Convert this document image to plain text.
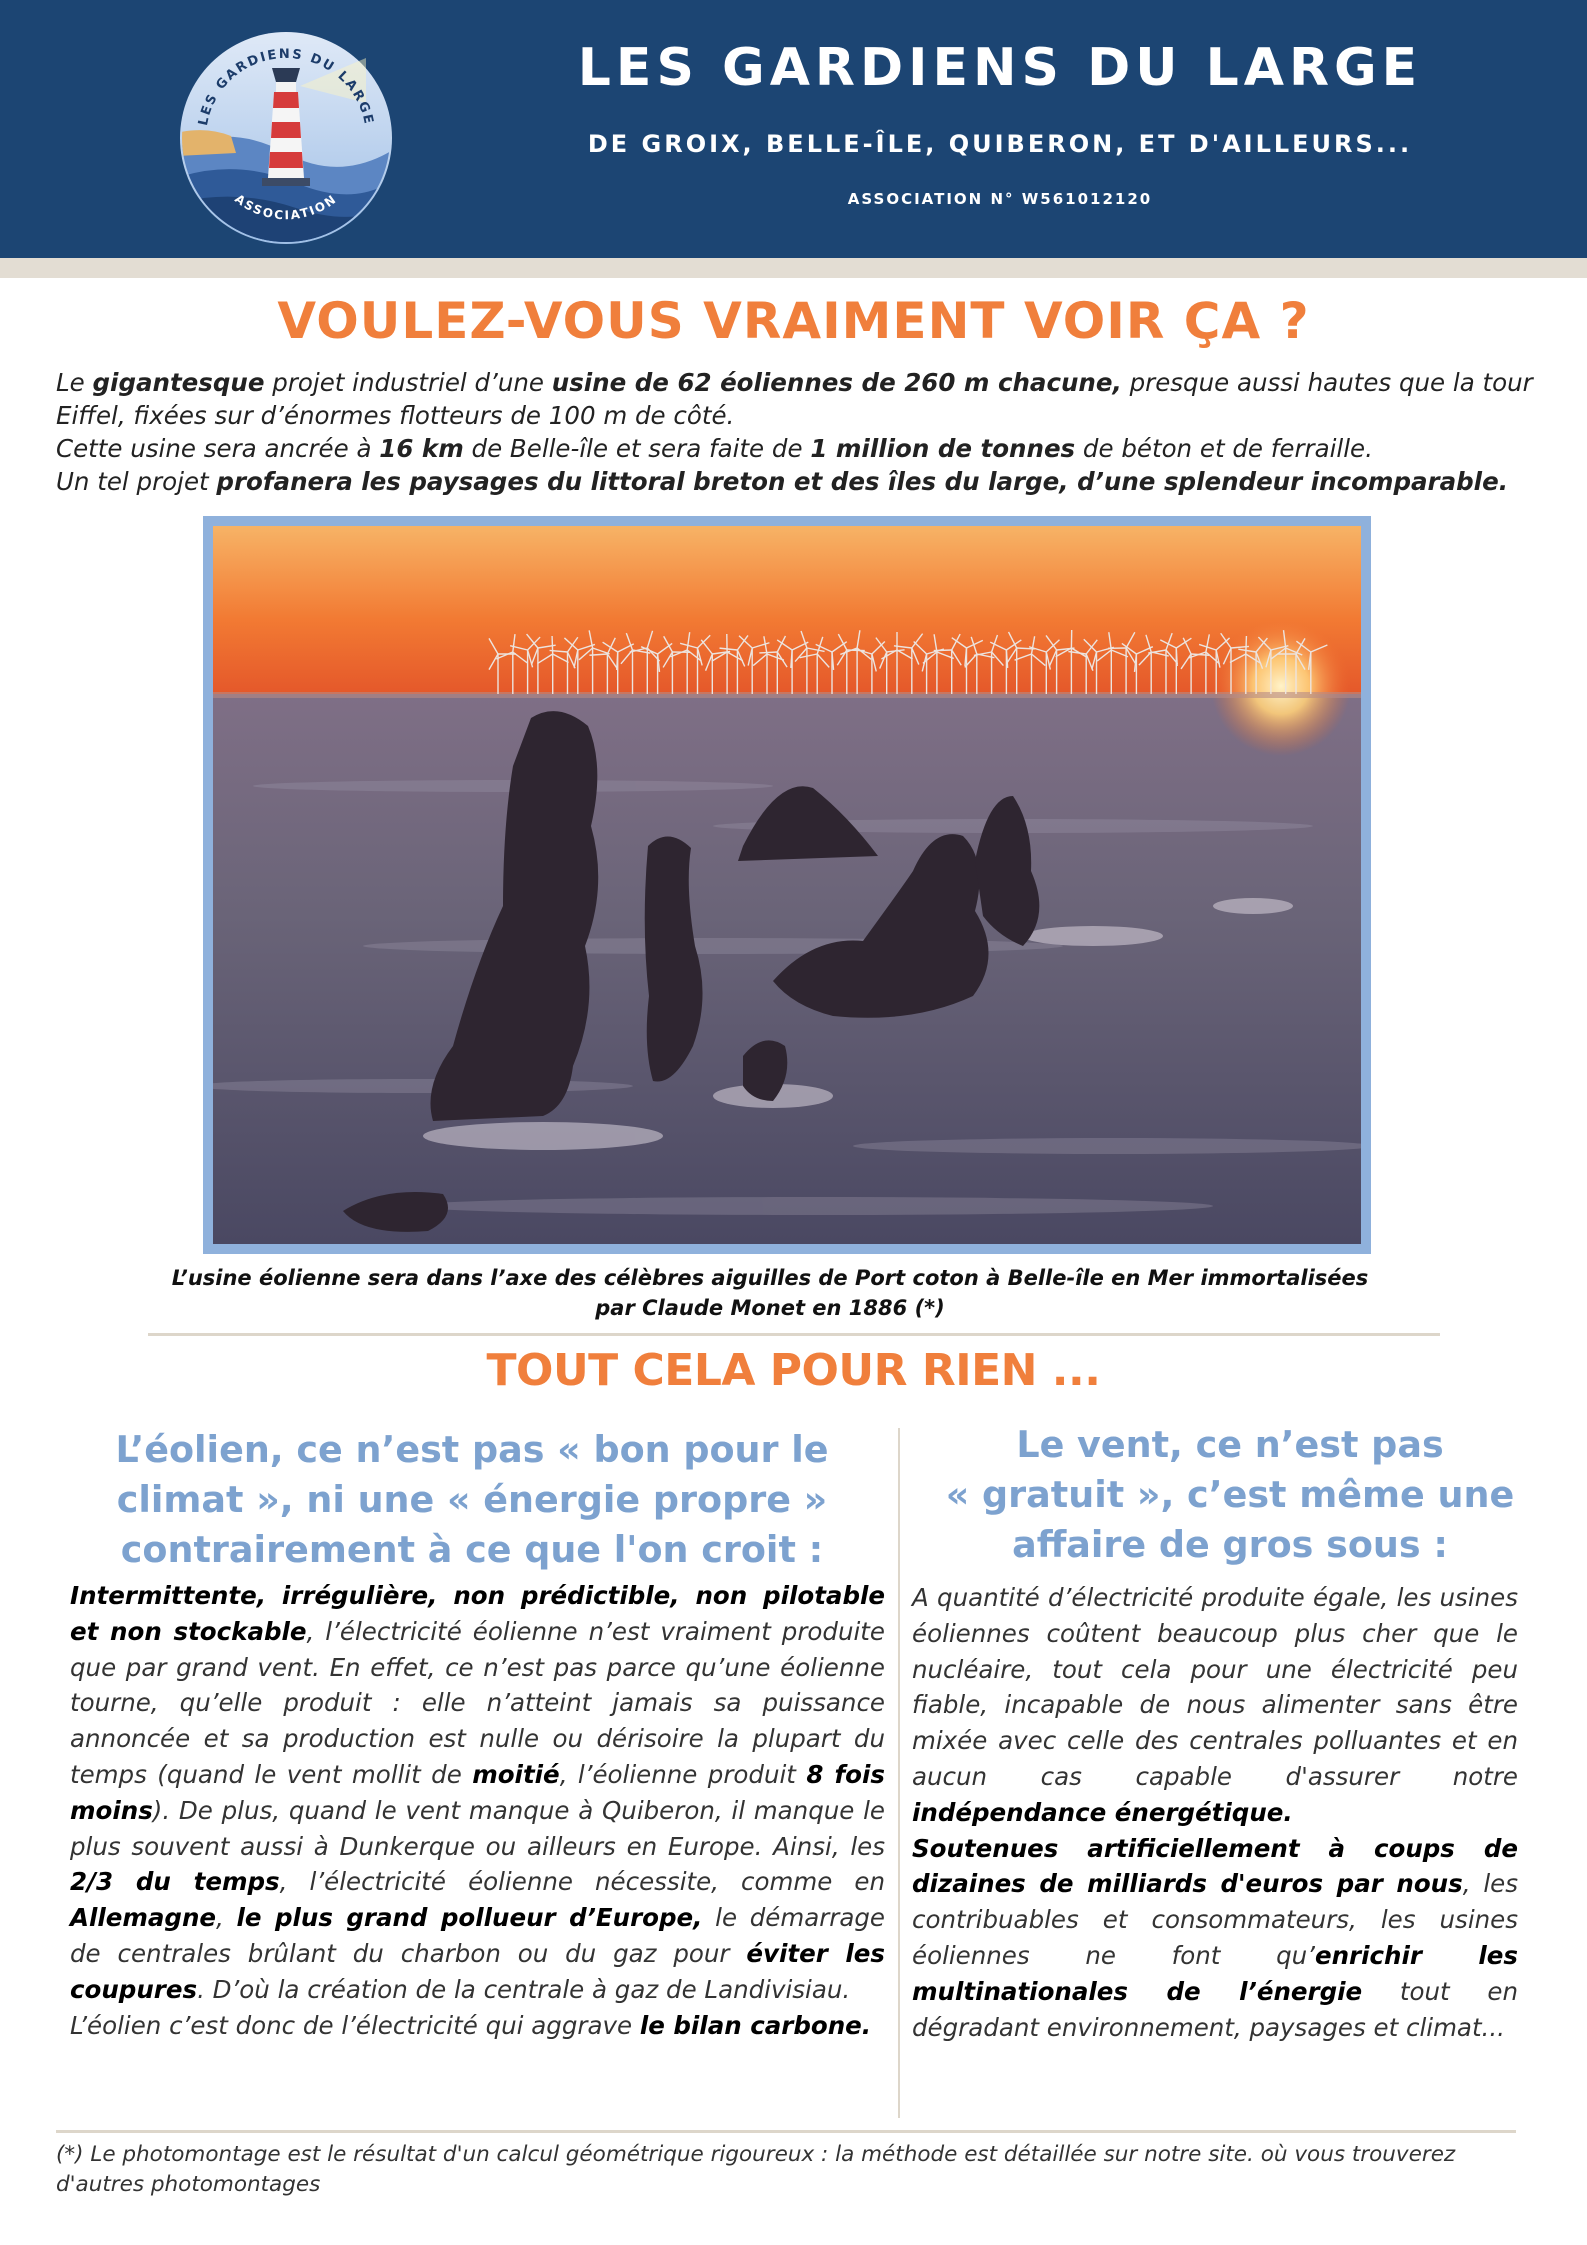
LES GARDIENS DU LARGE
ASSOCIATION
LES GARDIENS DU LARGE
DE GROIX, BELLE-ÎLE, QUIBERON, ET D'AILLEURS...
ASSOCIATION N° W561012120
VOULEZ-VOUS VRAIMENT VOIR ÇA ?

Le gigantesque projet industriel d’une usine de 62 éoliennes de 260 m chacune, presque aussi hautes que la tour Eiffel, fixées sur d’énormes flotteurs de 100 m de côté.

Cette usine sera ancrée à 16 km de Belle-île et sera faite de 1 million de tonnes de béton et de ferraille.

Un tel projet profanera les paysages du littoral breton et des îles du large, d’une splendeur incomparable.

L’usine éolienne sera dans l’axe des célèbres aiguilles de Port coton à Belle-île en Mer immortalisées
par Claude Monet en 1886 (*)
TOUT CELA POUR RIEN ...
L’éolien, ce n’est pas « bon pour le
climat », ni une « énergie propre »
contrairement à ce que l'on croit :

Intermittente, irrégulière, non prédictible, non pilotable et non stockable, l’électricité éolienne n’est vraiment produite que par grand vent. En effet, ce n’est pas parce qu’une éolienne tourne, qu’elle produit : elle n’atteint jamais sa puissance annoncée et sa production est nulle ou dérisoire la plupart du temps (quand le vent mollit de moitié, l’éolienne produit 8 fois moins). De plus, quand le vent manque à Quiberon, il manque le plus souvent aussi à Dunkerque ou ailleurs en Europe. Ainsi, les 2/3 du temps, l’électricité éolienne nécessite, comme en Allemagne, le plus grand pollueur d’Europe, le démarrage de centrales brûlant du charbon ou du gaz pour éviter les coupures. D’où la création de la centrale à gaz de Landivisiau.

L’éolien c’est donc de l’électricité qui aggrave le bilan carbone.

Le vent, ce n’est pas
« gratuit », c’est même une
affaire de gros sous :

A quantité d’électricité produite égale, les usines éoliennes coûtent beaucoup plus cher que le nucléaire, tout cela pour une électricité peu fiable, incapable de nous alimenter sans être mixée avec celle des centrales polluantes et en aucun cas capable d'assurer notre indépendance énergétique.

Soutenues artificiellement à coups de dizaines de milliards d'euros par nous, les contribuables et consommateurs, les usines éoliennes ne font qu’enrichir les multinationales de l’énergie tout en dégradant environnement, paysages et climat...

(*) Le photomontage est le résultat d'un calcul géométrique rigoureux : la méthode est détaillée sur notre site. où vous trouverez d'autres photomontages
